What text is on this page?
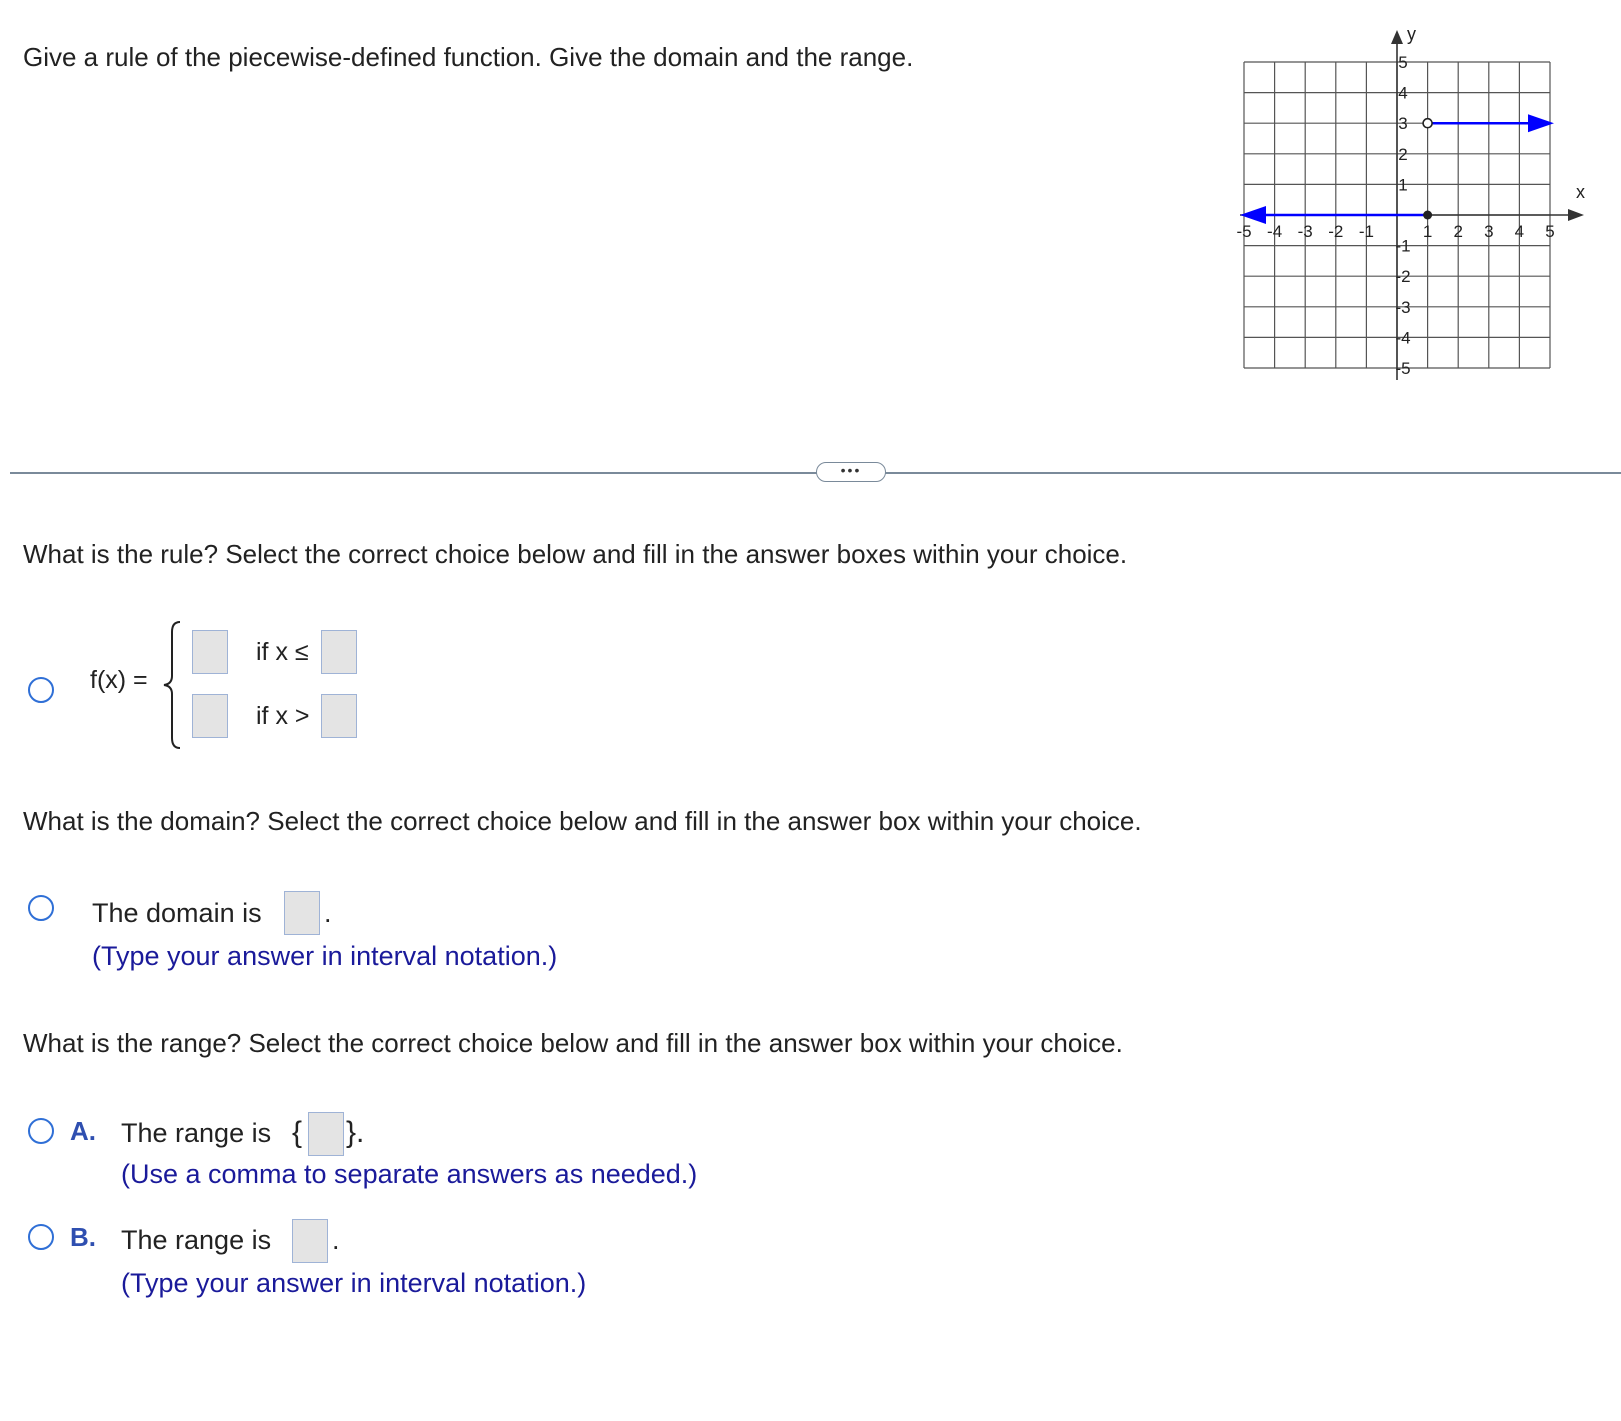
Give a rule of the piecewise-defined function. Give the domain and the range.
x
y
-5 -4 -3 -2 -1	1 2 3 4 5
5
4
3
2
1
-1
-2
-3
-4
-5
•••
What is the rule? Select the correct choice below and fill in the answer boxes within your choice.
f(x) =
if x ≤
if x >
What is the domain? Select the correct choice below and fill in the answer box within your choice.
The domain is .
(Type your answer in interval notation.)
What is the range? Select the correct choice below and fill in the answer box within your choice.
A. The range is { }.
(Use a comma to separate answers as needed.)
B. The range is .
(Type your answer in interval notation.)
